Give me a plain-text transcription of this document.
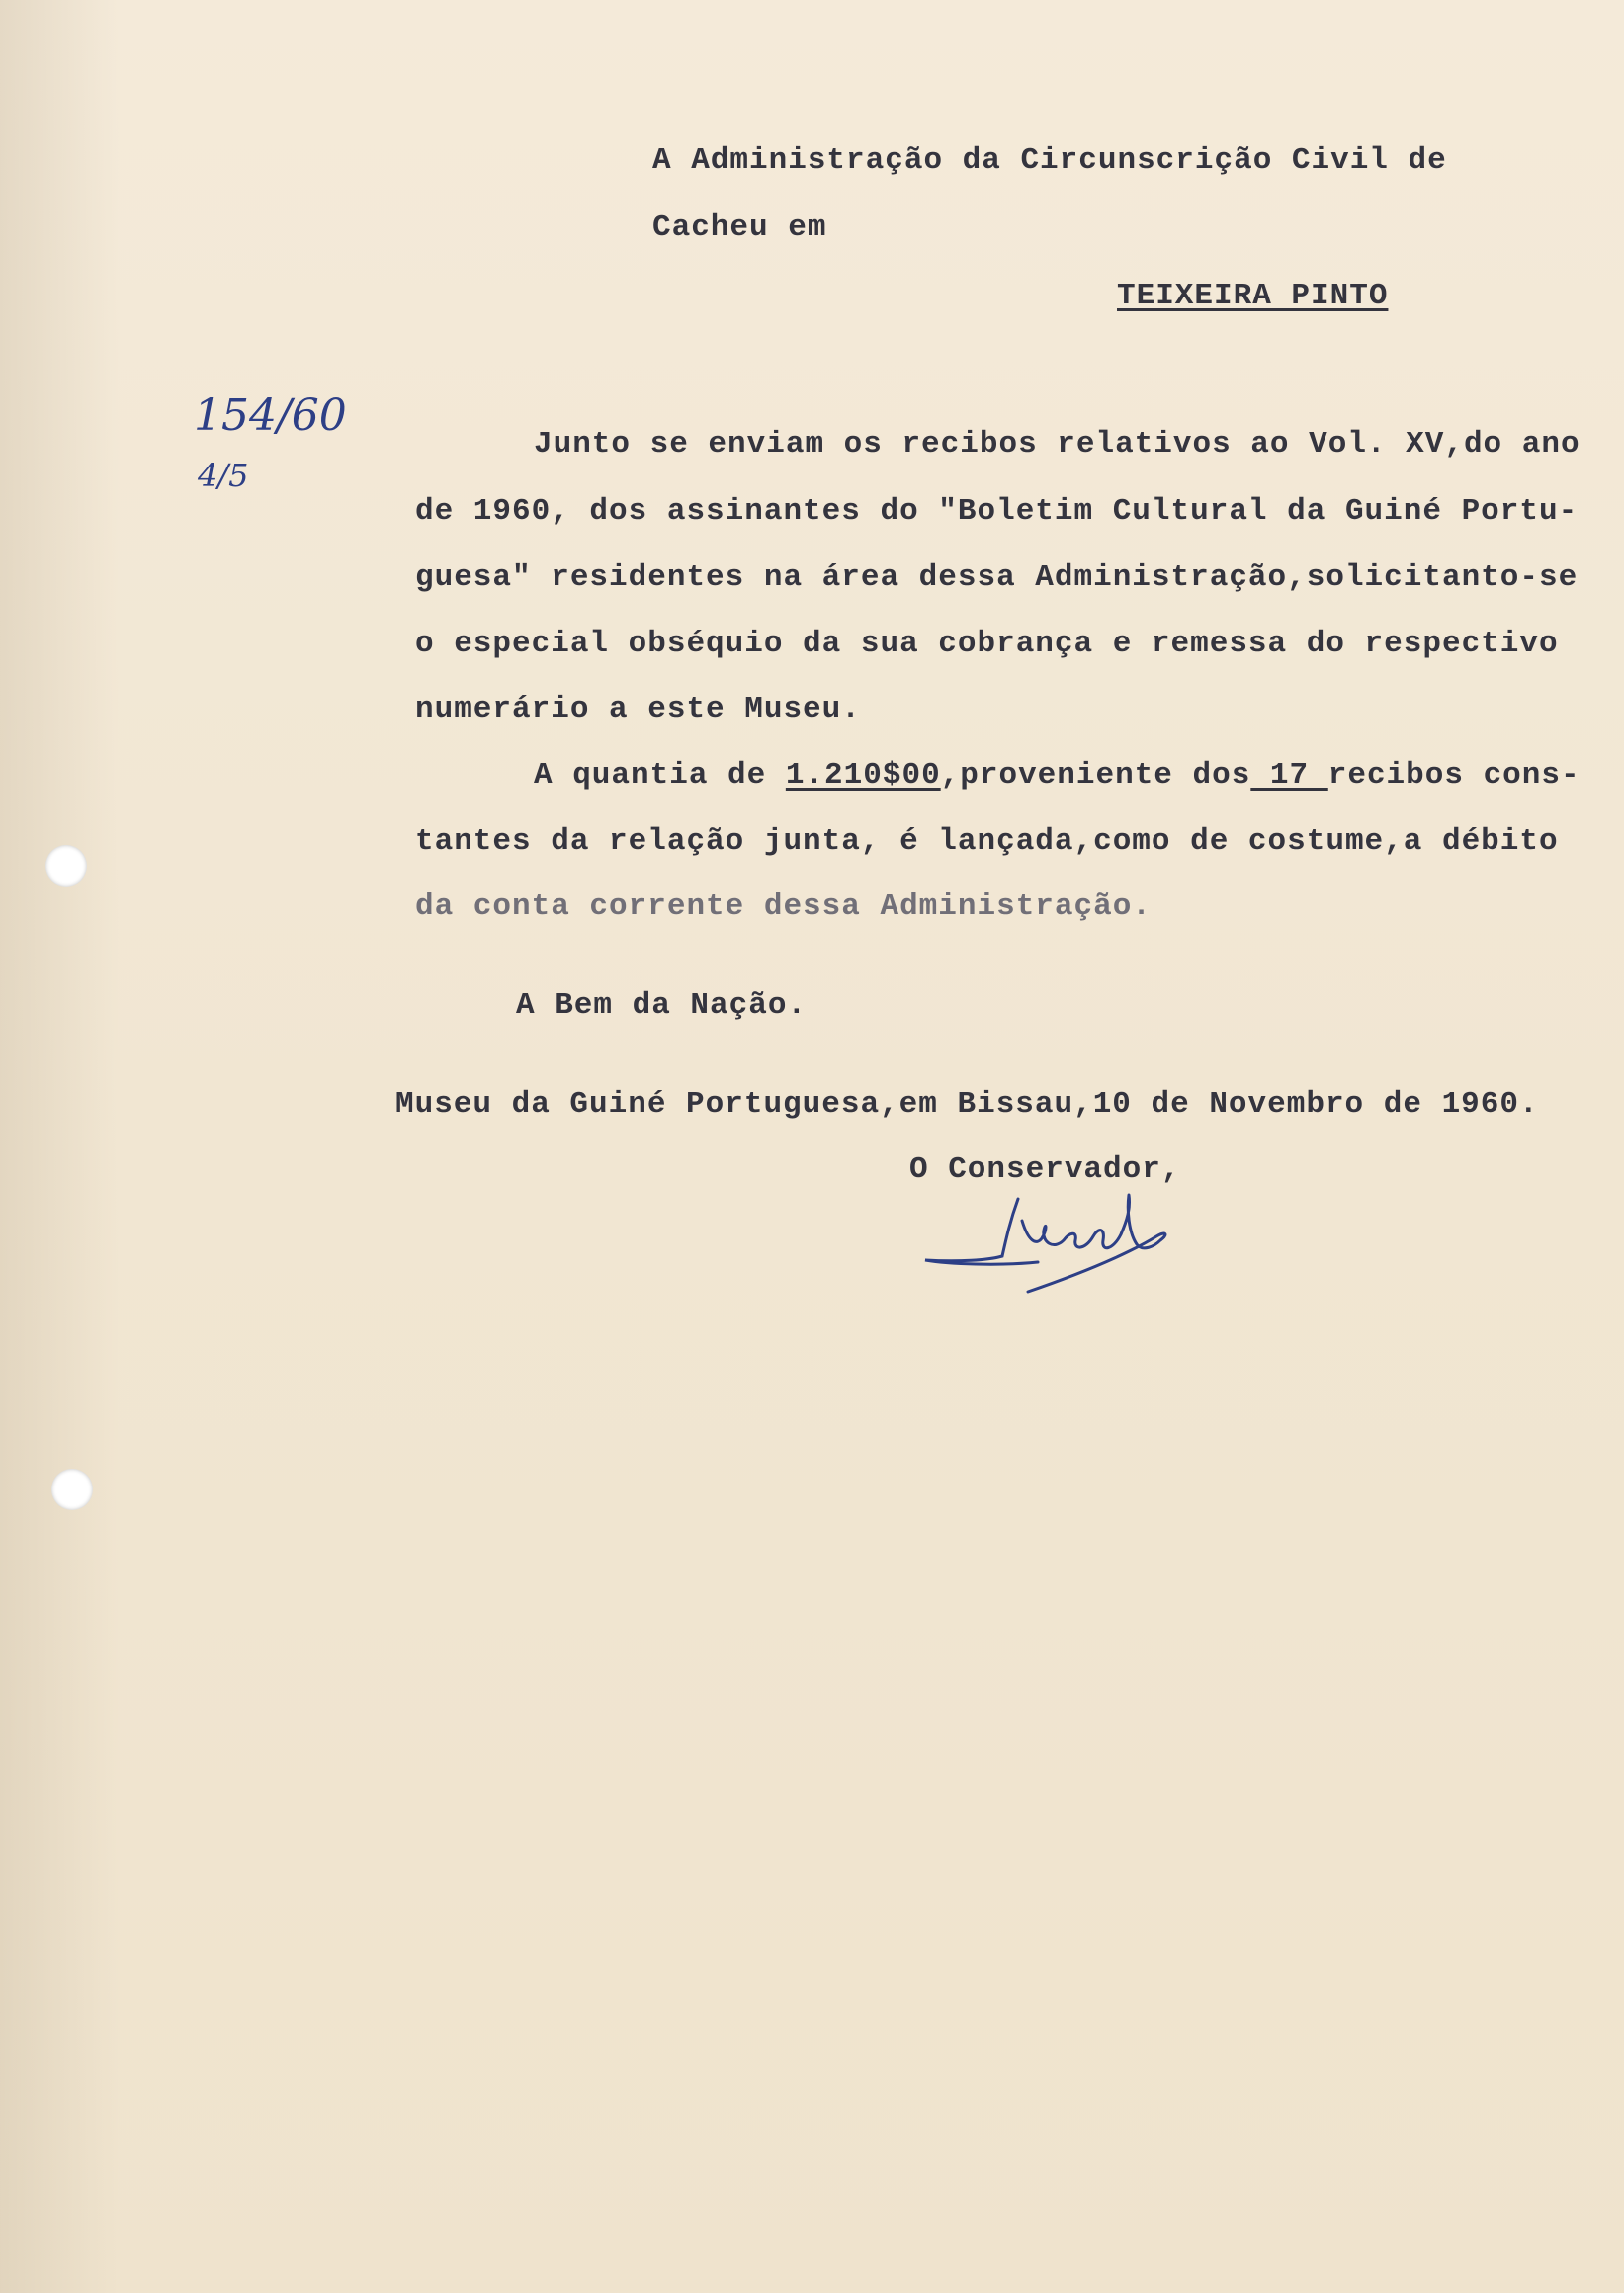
A Administração da Circunscrição Civil de
Cacheu em
TEIXEIRA PINTO
154/60
4/5
Junto se enviam os recibos relativos ao Vol. XV,do ano
de 1960, dos assinantes do "Boletim Cultural da Guiné Portu-
guesa" residentes na área dessa Administração,solicitanto-se
o especial obséquio da sua cobrança e remessa do respectivo
numerário a este Museu.
A quantia de 1.210$00,proveniente dos 17 recibos cons-
tantes da relação junta, é lançada,como de costume,a débito
da conta corrente dessa Administração.
A Bem da Nação.
Museu da Guiné Portuguesa,em Bissau,10 de Novembro de 1960.
O Conservador,
